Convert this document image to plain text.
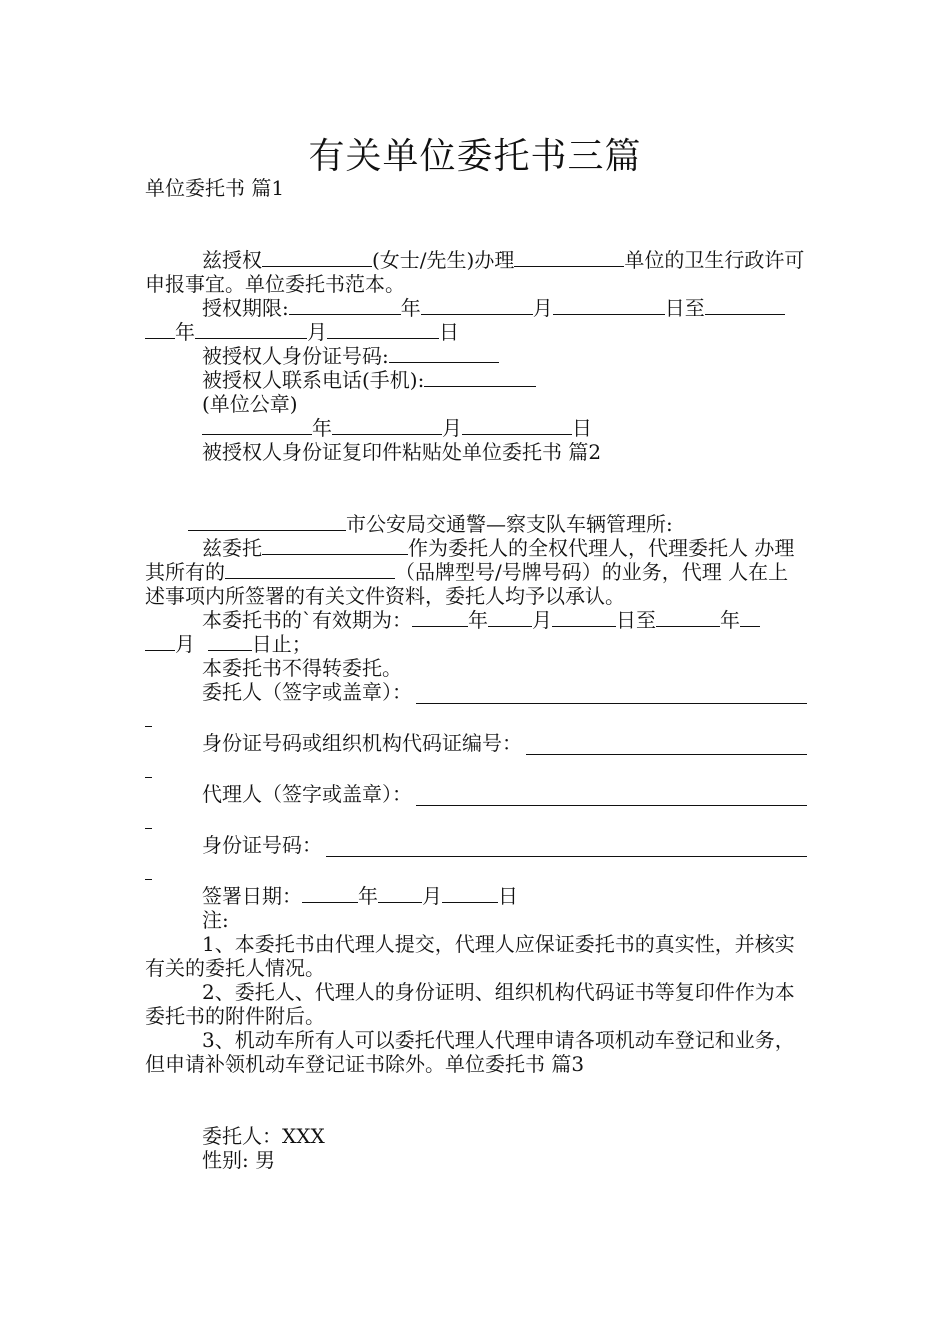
有关单位委托书三篇

单位委托书 篇1

兹授权	(女士/先生)办理	单位的卫生行政许可申报事宜。单位委托书范本。

授权期限:	年	月	日至

年	月	日

被授权人身份证号码:

被授权人联系电话(手机):

(单位公章)

年	月	日

被授权人身份证复印件粘贴处单位委托书 篇2

市公安局交通警—察支队车辆管理所:

兹委托	作为委托人的全权代理人，代理委托人 办理其所有的	（品牌型号/号牌号码）的业务，代理 人在上述事项内所签署的有关文件资料，委托人均予以承认。

本委托书的`有效期为：	年 月	日至	年

月	日止；

本委托书不得转委托。

委托人（签字或盖章）：
身份证号码或组织机构代码证编号：
代理人（签字或盖章）：
身份证号码：

签署日期：	年 月	日

注:

1、本委托书由代理人提交，代理人应保证委托书的真实性，并核实有关的委托人情况。

2、委托人、代理人的身份证明、组织机构代码证书等复印件作为本委托书的附件附后。

3、机动车所有人可以委托代理人代理申请各项机动车登记和业务，但申请补领机动车登记证书除外。单位委托书 篇3

委托人：XXX

性别: 男
